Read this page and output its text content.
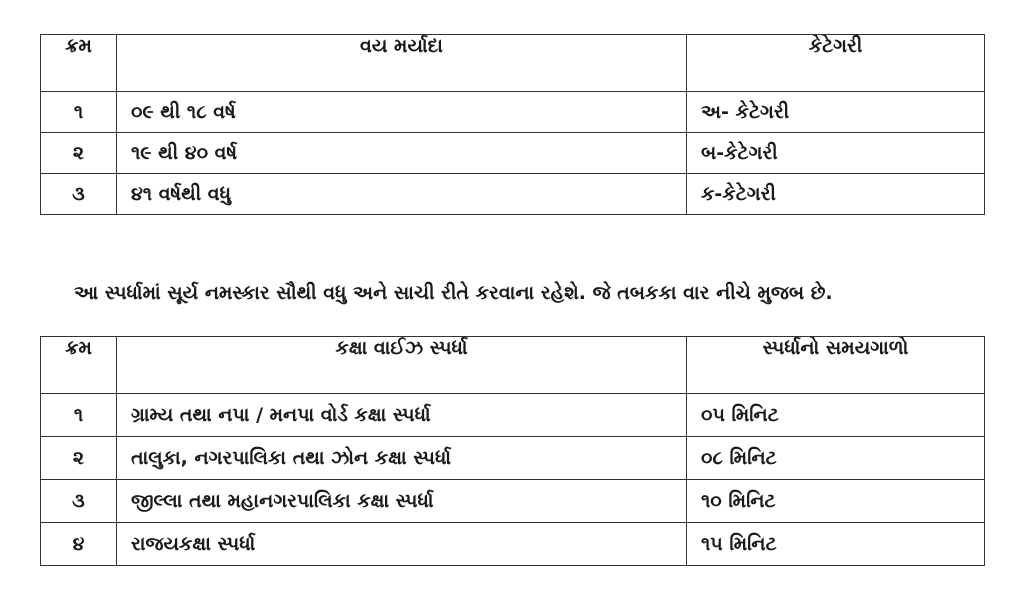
ક્રમ	વય મર્યાદા	કેટેગરી
૧	૦૯ થી ૧૮ વર્ષ	અ- કેટેગરી
૨	૧૯ થી ૪૦ વર્ષ	બ-કેટેગરી
૩	૪૧ વર્ષથી વધુ	ક-કેટેગરી

આ સ્પર્ધામાં સૂર્ય નમસ્કાર સૌથી વધુ અને સાચી રીતે કરવાના રહેશે. જે તબકકા વાર નીચે મુજબ છે.

ક્રમ	કક્ષા વાઈઝ સ્પર્ધા	સ્પર્ધાનો સમયગાળો
૧	ગ્રામ્ય તથા નપા / મનપા વોર્ડ કક્ષા સ્પર્ધા	૦૫ મિનિટ
૨	તાલુકા, નગરપાલિકા તથા ઝોન કક્ષા સ્પર્ધા	૦૮ મિનિટ
૩	જીલ્લા તથા મહાનગરપાલિકા કક્ષા સ્પર્ધા	૧૦ મિનિટ
૪	રાજયકક્ષા સ્પર્ધા	૧૫ મિનિટ
